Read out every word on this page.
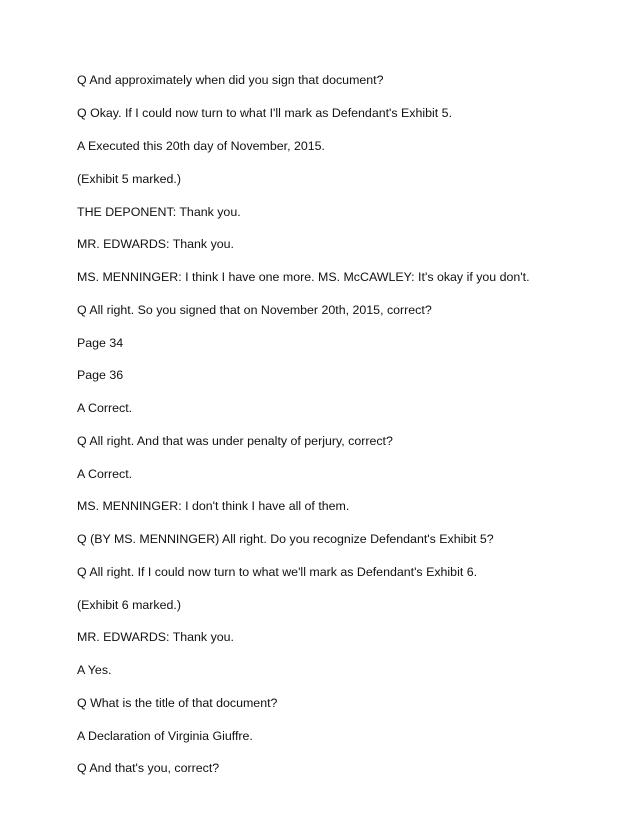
Q And approximately when did you sign that document?

Q Okay. If I could now turn to what I'll mark as Defendant's Exhibit 5.

A Executed this 20th day of November, 2015.

(Exhibit 5 marked.)

THE DEPONENT: Thank you.

MR. EDWARDS: Thank you.

MS. MENNINGER: I think I have one more. MS. McCAWLEY: It's okay if you don't.

Q All right. So you signed that on November 20th, 2015, correct?

Page 34

Page 36

A Correct.

Q All right. And that was under penalty of perjury, correct?

A Correct.

MS. MENNINGER: I don't think I have all of them.

Q (BY MS. MENNINGER) All right. Do you recognize Defendant's Exhibit 5?

Q All right. If I could now turn to what we'll mark as Defendant's Exhibit 6.

(Exhibit 6 marked.)

MR. EDWARDS: Thank you.

A Yes.

Q What is the title of that document?

A Declaration of Virginia Giuffre.

Q And that's you, correct?
